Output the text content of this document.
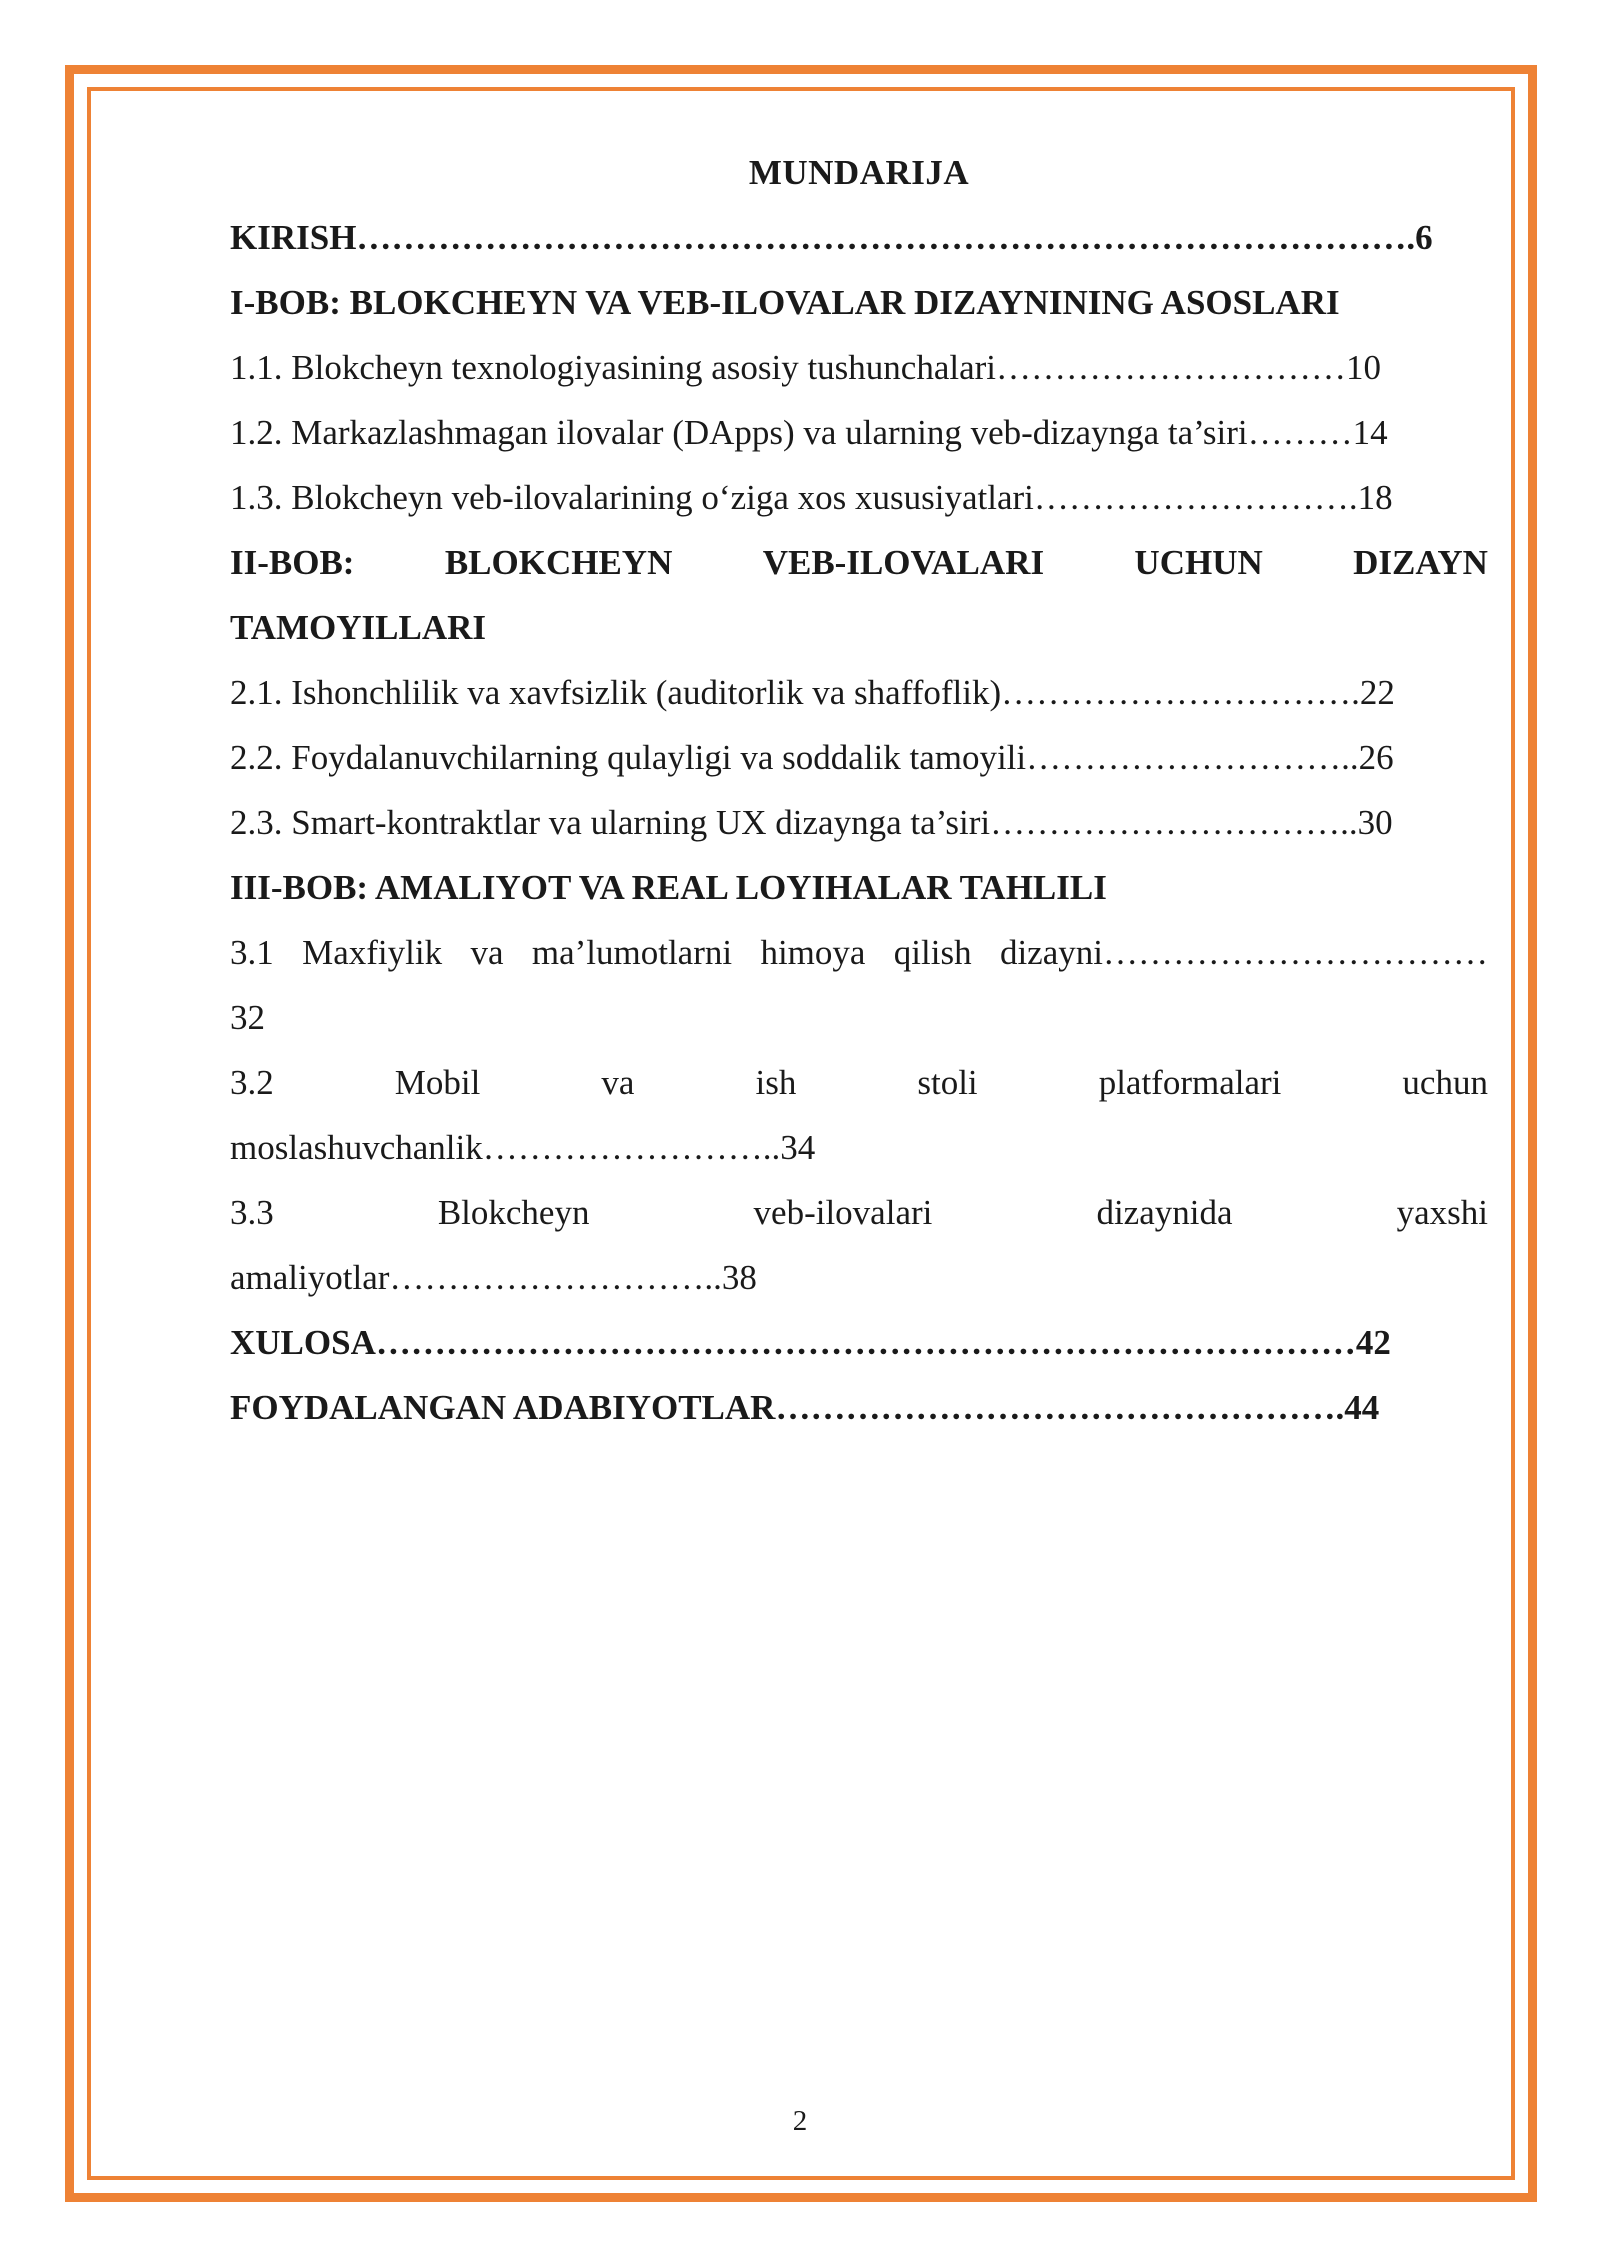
MUNDARIJA
KIRISH……………………………………………………………………………….6
I-BOB: BLOKCHEYN VA VEB-ILOVALAR DIZAYNINING ASOSLARI
1.1. Blokcheyn texnologiyasining asosiy tushunchalari…………………………10
1.2. Markazlashmagan ilovalar (DApps) va ularning veb-dizaynga ta’siri………14
1.3. Blokcheyn veb-ilovalarining o‘ziga xos xususiyatlari……………………….18
II-BOB:	BLOKCHEYN	VEB-ILOVALARI	UCHUN	DIZAYN
TAMOYILLARI
2.1. Ishonchlilik va xavfsizlik (auditorlik va shaffoflik)………………………….22
2.2. Foydalanuvchilarning qulayligi va soddalik tamoyili………………………..26
2.3. Smart-kontraktlar va ularning UX dizaynga ta’siri…………………………..30
III-BOB: AMALIYOT VA REAL LOYIHALAR TAHLILI
3.1 Maxfiylik va ma’lumotlarni himoya qilish dizayni……………………………
32
3.2	Mobil	va	ish	stoli	platformalari	uchun
moslashuvchanlik……………………..34
3.3	Blokcheyn	veb-ilovalari	dizaynida	yaxshi
amaliyotlar………………………..38
XULOSA…………………………………………………………………………42
FOYDALANGAN ADABIYOTLAR………………………………………….44
2
